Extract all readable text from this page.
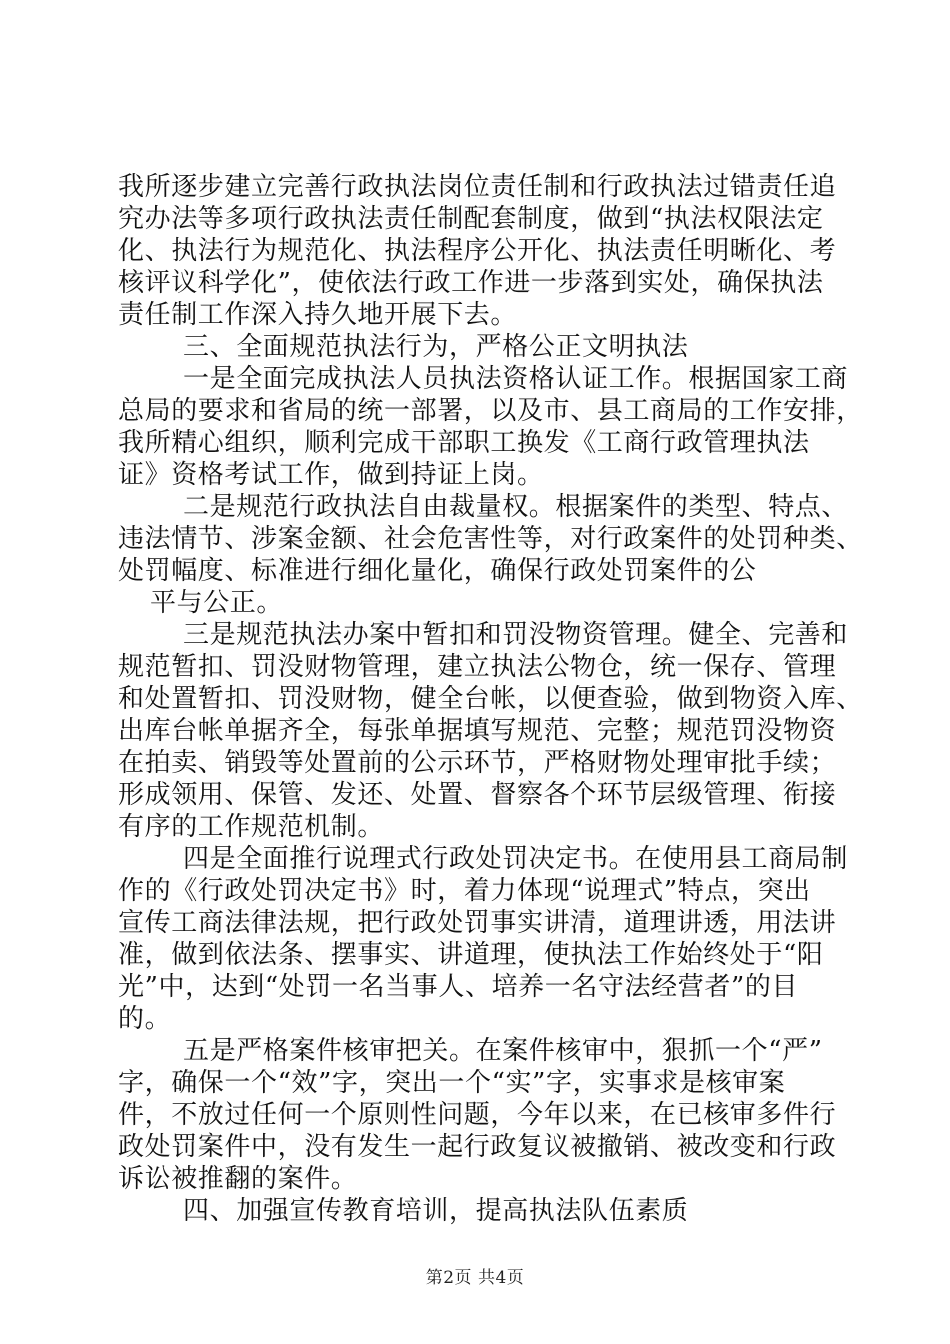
我所逐步建立完善行政执法岗位责任制和行政执法过错责任追
究办法等多项行政执法责任制配套制度，做到“执法权限法定
化、执法行为规范化、执法程序公开化、执法责任明晰化、考
核评议科学化”，使依法行政工作进一步落到实处，确保执法
责任制工作深入持久地开展下去。
三、全面规范执法行为，严格公正文明执法
一是全面完成执法人员执法资格认证工作。根据国家工商
总局的要求和省局的统一部署，以及市、县工商局的工作安排，
我所精心组织，顺利完成干部职工换发《工商行政管理执法
证》资格考试工作，做到持证上岗。
二是规范行政执法自由裁量权。根据案件的类型、特点、
违法情节、涉案金额、社会危害性等，对行政案件的处罚种类、
处罚幅度、标准进行细化量化，确保行政处罚案件的公
平与公正。
三是规范执法办案中暂扣和罚没物资管理。健全、完善和
规范暂扣、罚没财物管理，建立执法公物仓，统一保存、管理
和处置暂扣、罚没财物，健全台帐，以便查验，做到物资入库、
出库台帐单据齐全，每张单据填写规范、完整；规范罚没物资
在拍卖、销毁等处置前的公示环节，严格财物处理审批手续；
形成领用、保管、发还、处置、督察各个环节层级管理、衔接
有序的工作规范机制。
四是全面推行说理式行政处罚决定书。在使用县工商局制
作的《行政处罚决定书》时，着力体现“说理式”特点，突出
宣传工商法律法规，把行政处罚事实讲清，道理讲透，用法讲
准，做到依法条、摆事实、讲道理，使执法工作始终处于“阳
光”中，达到“处罚一名当事人、培养一名守法经营者”的目
的。
五是严格案件核审把关。在案件核审中，狠抓一个“严”
字，确保一个“效”字，突出一个“实”字，实事求是核审案
件，不放过任何一个原则性问题，今年以来，在已核审多件行
政处罚案件中，没有发生一起行政复议被撤销、被改变和行政
诉讼被推翻的案件。
四、加强宣传教育培训，提高执法队伍素质
第2页 共4页
